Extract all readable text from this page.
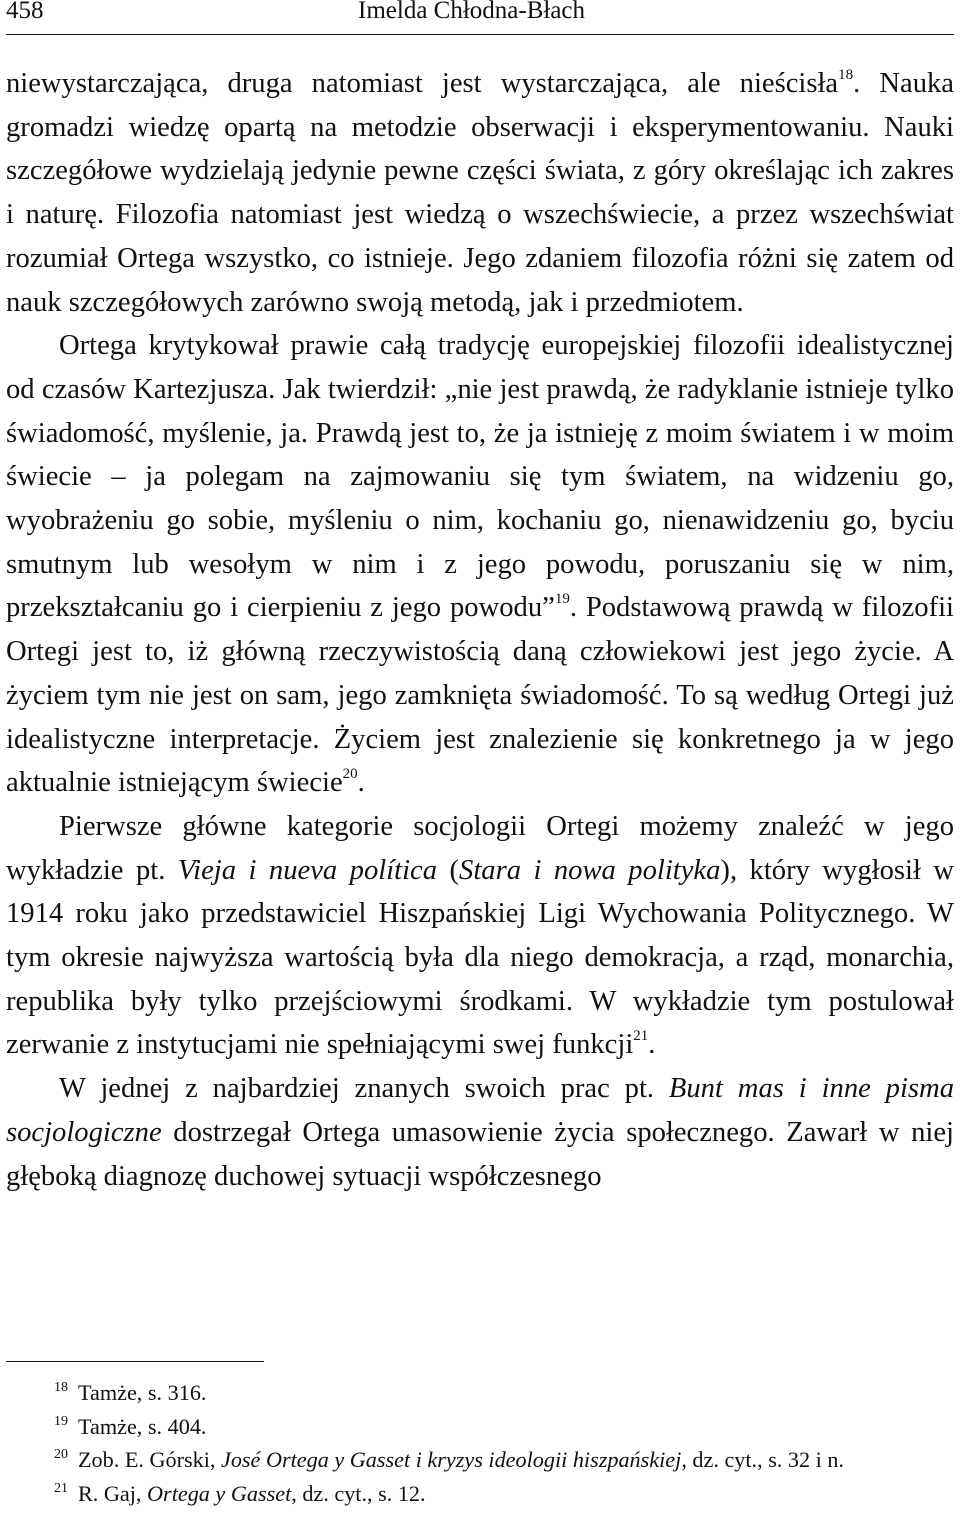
458	Imelda Chłodna-Błach

niewystarczająca, druga natomiast jest wystarczająca, ale nieścisła$^{18}$. Nauka gromadzi wiedzę opartą na metodzie obserwacji i eksperymentowaniu. Nauki szczegółowe wydzielają jedynie pewne części świata, z góry określając ich zakres i naturę. Filozofia natomiast jest wiedzą o wszechświecie, a przez wszechświat rozumiał Ortega wszystko, co istnieje. Jego zdaniem filozofia różni się zatem od nauk szczegółowych zarówno swoją metodą, jak i przedmiotem.

Ortega krytykował prawie całą tradycję europejskiej filozofii idealistycznej od czasów Kartezjusza. Jak twierdził: „nie jest prawdą, że radyklanie istnieje tylko świadomość, myślenie, ja. Prawdą jest to, że ja istnieję z moim światem i w moim świecie – ja polegam na zajmowaniu się tym światem, na widzeniu go, wyobrażeniu go sobie, myśleniu o nim, kochaniu go, nienawidzeniu go, byciu smutnym lub wesołym w nim i z jego powodu, poruszaniu się w nim, przekształcaniu go i cierpieniu z jego powodu”$^{19}$. Podstawową prawdą w filozofii Ortegi jest to, iż główną rzeczywistością daną człowiekowi jest jego życie. A życiem tym nie jest on sam, jego zamknięta świadomość. To są według Ortegi już idealistyczne interpretacje. Życiem jest znalezienie się konkretnego ja w jego aktualnie istniejącym świecie$^{20}$.

Pierwsze główne kategorie socjologii Ortegi możemy znaleźć w jego wykładzie pt. Vieja i nueva política (Stara i nowa polityka), który wygłosił w 1914 roku jako przedstawiciel Hiszpańskiej Ligi Wychowania Politycznego. W tym okresie najwyższa wartością była dla niego demokracja, a rząd, monarchia, republika były tylko przejściowymi środkami. W wykładzie tym postulował zerwanie z instytucjami nie spełniającymi swej funkcji$^{21}$.

W jednej z najbardziej znanych swoich prac pt. Bunt mas i inne pisma socjologiczne dostrzegał Ortega umasowienie życia społecznego. Zawarł w niej głęboką diagnozę duchowej sytuacji współczesnego

$^{18}$ Tamże, s. 316.

$^{19}$ Tamże, s. 404.

$^{20}$ Zob. E. Górski, José Ortega y Gasset i kryzys ideologii hiszpańskiej, dz. cyt., s. 32 i n.

$^{21}$ R. Gaj, Ortega y Gasset, dz. cyt., s. 12.
